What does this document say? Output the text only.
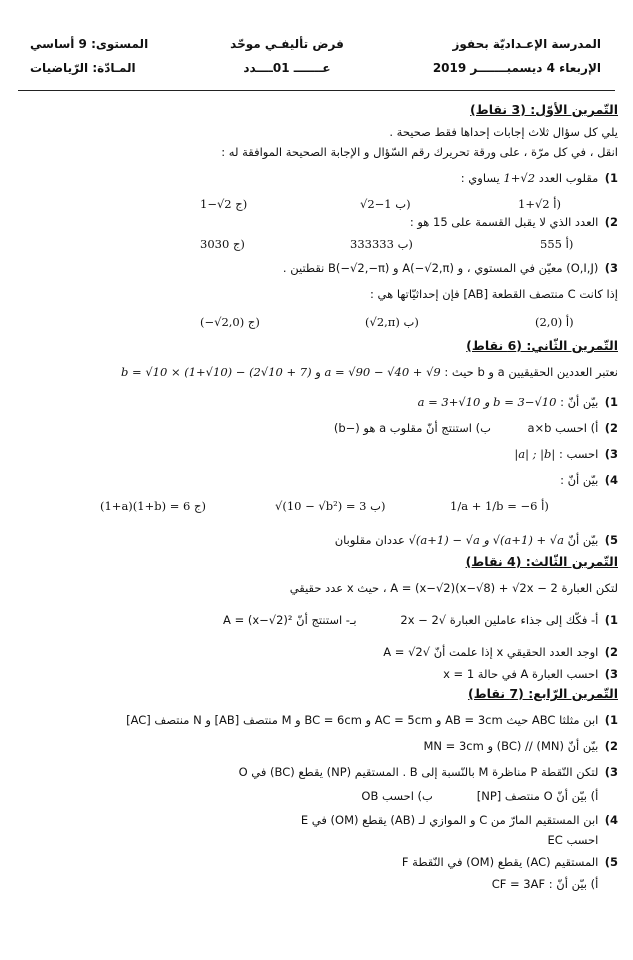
المدرسة الإعـداديّة بحفوز
الإربعاء 4 ديسمبـــــــر 2019
فرض تأليفـي موحّد
عـــــــ 01ــــدد
المستوى: 9 أساسي
المـادّة: الرّياضيات
التّمرين الأوّل: (3 نقاط)
يلي كل سؤال ثلاث إجابات إحداها فقط صحيحة .
انقل ، في كل مرّة ، على ورقة تحريرك رقم السّؤال و الإجابة الصحيحة الموافقة له :
1) مقلوب العدد 1+√2 يساوي :
1+√2 أ)
√2−1 ب)
1−√2 ج)
2) العدد الذي لا يقبل القسمة على 15 هو :
555 أ)
333333 ب)
3030 ج)
3) (O,I,J) معيّن في المستوي ، و A(−√2,π) و B(−√2,−π) نقطتين .
إذا كانت C منتصف القطعة [AB] فإن إحداثيّاتها هي :
(2,0) أ)
(√2,π) ب)
(−√2,0) ج)
التّمرين الثّاني: (6 نقاط)
نعتبر العددين الحقيقيين a و b حيث : a = √90 − √40 + √9 و b = √10 × (1+√10) − (2√10 + 7)
1) بيّن أنّ : a = 3+√10 و b = 3−√10
2) أ) احسب a×b          ب) استنتج أنّ مقلوب a هو (−b)
3) احسب : |a| ; |b|
4) بيّن أنّ :
1/a + 1/b = −6 أ)
√(10 − √b²) = 3 ب)
(1+a)(1+b) = 6 ج)
5) بيّن أنّ √(a+1) − √a و √(a+1) + √a عددان مقلوبان
التّمرين الثّالث: (4 نقاط)
لتكن العبارة A = (x−√2)(x−√8) + √2x − 2 ، حيث x عدد حقيقي
1) أ- فكّك إلى جذاء عاملين العبارة √2x − 2            بـ- استنتج أنّ A = (x−√2)²
2) اوجد العدد الحقيقي x إذا علمت أنّ √A = √2
3) احسب العبارة A في حالة x = 1
التّمرين الرّابع: (7 نقاط)
1) ابن مثلثا ABC حيث AB = 3cm و AC = 5cm و BC = 6cm و M منتصف [AB] و N منتصف [AC]
2) بيّن أنّ (MN) // (BC) و MN = 3cm
3) لتكن النّقطة P مناظرة M بالنّسبة إلى B . المستقيم (NP) يقطع (BC) في O
أ) بيّن أنّ O منتصف [NP]            ب) احسب OB
4) ابن المستقيم المارّ من C و الموازي لـ (AB) يقطع (OM) في E
احسب EC
5) المستقيم (AC) يقطع (OM) في النّقطة F
أ) بيّن أنّ : CF = 3AF
